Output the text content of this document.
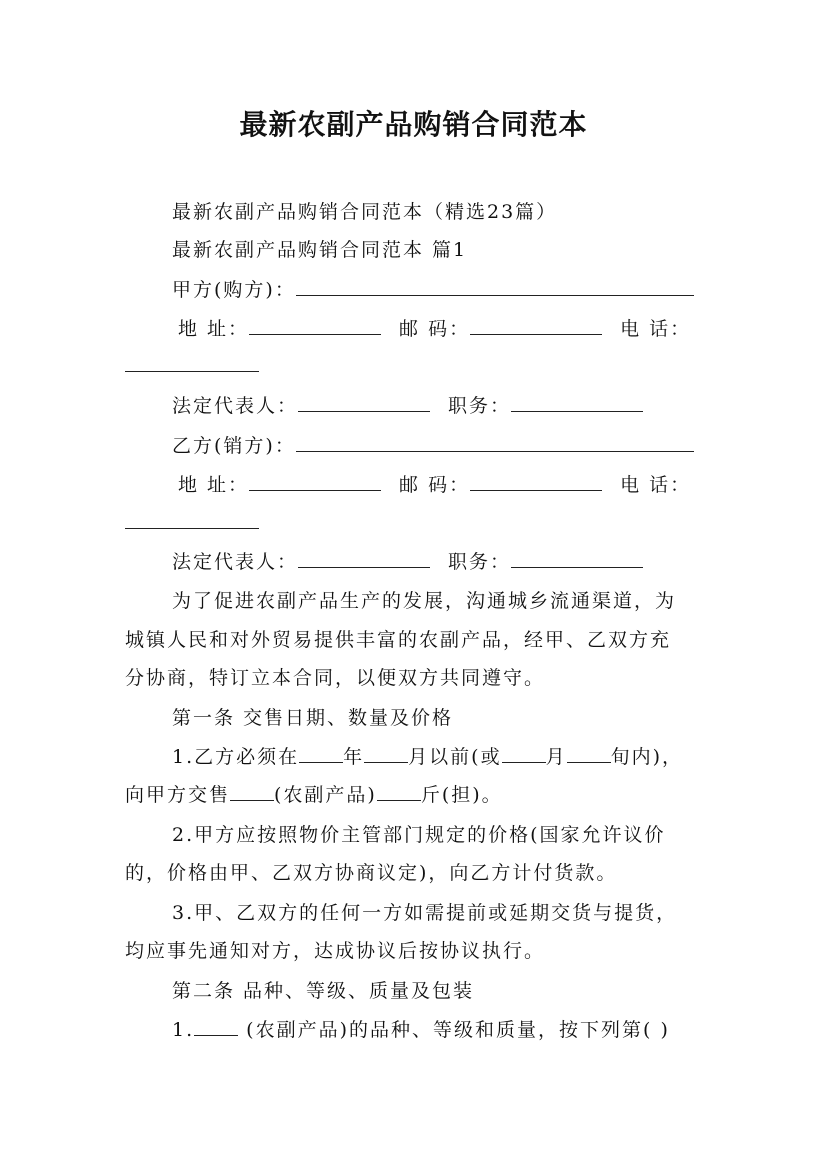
最新农副产品购销合同范本
最新农副产品购销合同范本（精选23篇）
最新农副产品购销合同范本 篇1
甲方(购方)：
地 址：	邮 码：	电 话：
法定代表人：	职务：
乙方(销方)：
地 址：	邮 码：	电 话：
法定代表人：	职务：
为了促进农副产品生产的发展，沟通城乡流通渠道，为
城镇人民和对外贸易提供丰富的农副产品，经甲、乙双方充
分协商，特订立本合同，以便双方共同遵守。
第一条 交售日期、数量及价格
1.乙方必须在 年 月以前(或 月 旬内)，
向甲方交售 (农副产品) 斤(担)。
2.甲方应按照物价主管部门规定的价格(国家允许议价
的，价格由甲、乙双方协商议定)，向乙方计付货款。
3.甲、乙双方的任何一方如需提前或延期交货与提货，
均应事先通知对方，达成协议后按协议执行。
第二条 品种、等级、质量及包装
1. (农副产品)的品种、等级和质量，按下列第( )
